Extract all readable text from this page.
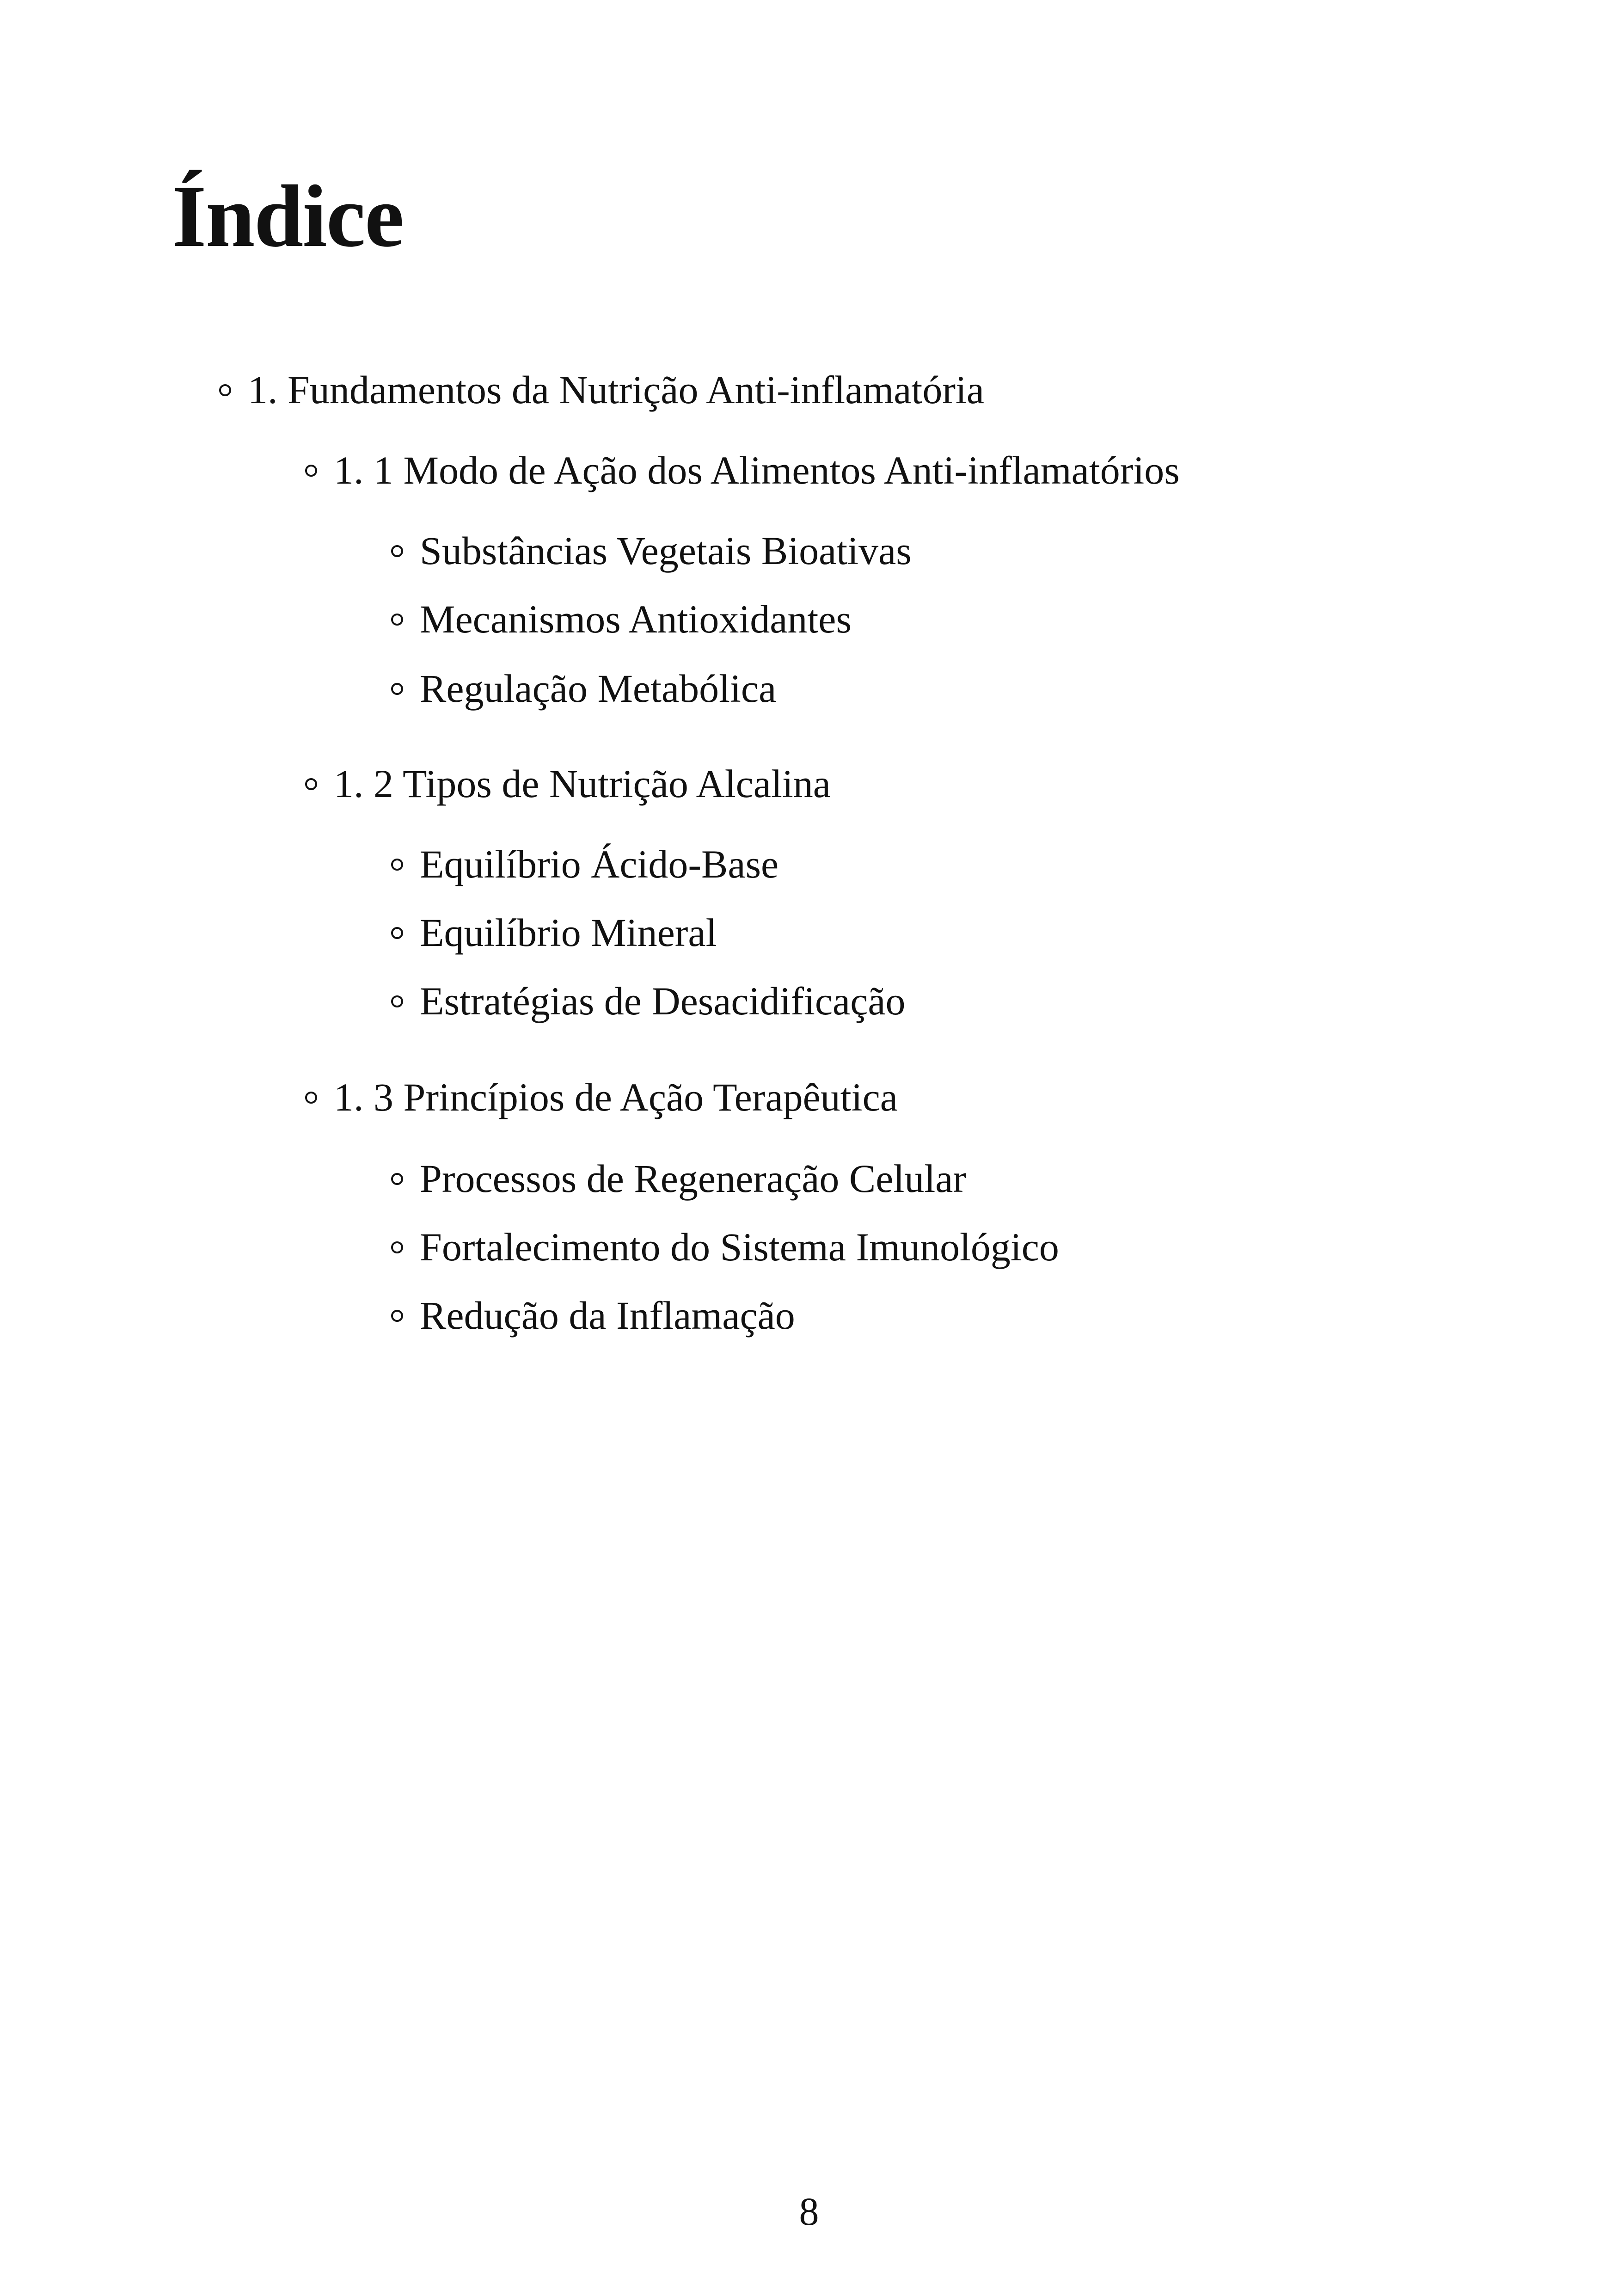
Índice
1. Fundamentos da Nutrição Anti-inflamatória
1. 1 Modo de Ação dos Alimentos Anti-inflamatórios
Substâncias Vegetais Bioativas
Mecanismos Antioxidantes
Regulação Metabólica
1. 2 Tipos de Nutrição Alcalina
Equilíbrio Ácido-Base
Equilíbrio Mineral
Estratégias de Desacidificação
1. 3 Princípios de Ação Terapêutica
Processos de Regeneração Celular
Fortalecimento do Sistema Imunológico
Redução da Inflamação
8
